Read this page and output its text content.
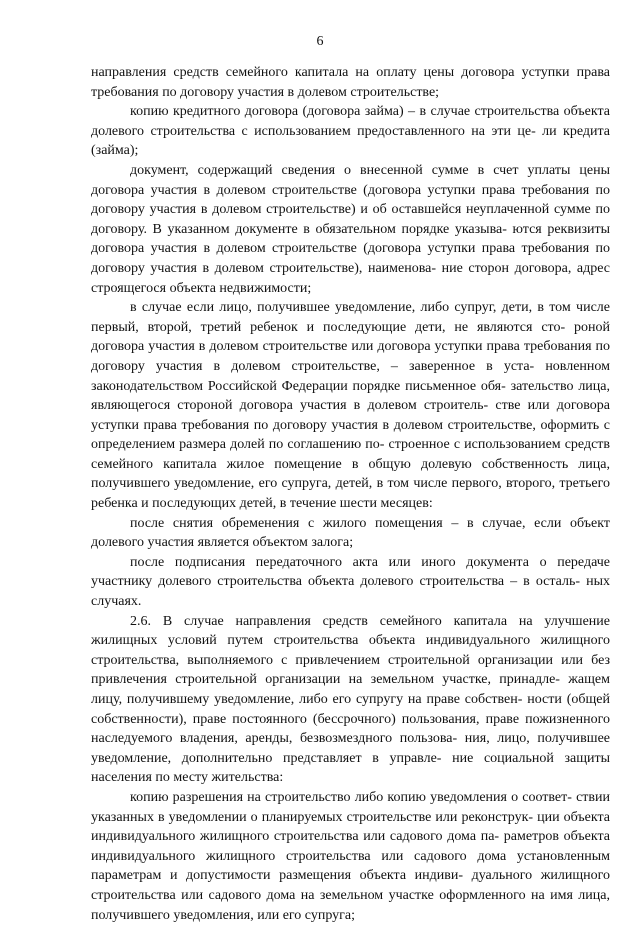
6

направления средств семейного капитала на оплату цены договора уступки права требования по договору участия в долевом строительстве;

копию кредитного договора (договора займа) – в случае строительства объекта долевого строительства с использованием предоставленного на эти це- ли кредита (займа);

документ, содержащий сведения о внесенной сумме в счет уплаты цены договора участия в долевом строительстве (договора уступки права требования по договору участия в долевом строительстве) и об оставшейся неуплаченной сумме по договору. В указанном документе в обязательном порядке указыва- ются реквизиты договора участия в долевом строительстве (договора уступки права требования по договору участия в долевом строительстве), наименова- ние сторон договора, адрес строящегося объекта недвижимости;

в случае если лицо, получившее уведомление, либо супруг, дети, в том числе первый, второй, третий ребенок и последующие дети, не являются сто- роной договора участия в долевом строительстве или договора уступки права требования по договору участия в долевом строительстве, – заверенное в уста- новленном законодательством Российской Федерации порядке письменное обя- зательство лица, являющегося стороной договора участия в долевом строитель- стве или договора уступки права требования по договору участия в долевом строительстве, оформить с определением размера долей по соглашению по- строенное с использованием средств семейного капитала жилое помещение в общую долевую собственность лица, получившего уведомление, его супруга, детей, в том числе первого, второго, третьего ребенка и последующих детей, в течение шести месяцев:

после снятия обременения с жилого помещения – в случае, если объект долевого участия является объектом залога;

после подписания передаточного акта или иного документа о передаче участнику долевого строительства объекта долевого строительства – в осталь- ных случаях.

2.6. В случае направления средств семейного капитала на улучшение жилищных условий путем строительства объекта индивидуального жилищного строительства, выполняемого с привлечением строительной организации или без привлечения строительной организации на земельном участке, принадле- жащем лицу, получившему уведомление, либо его супругу на праве собствен- ности (общей собственности), праве постоянного (бессрочного) пользования, праве пожизненного наследуемого владения, аренды, безвозмездного пользова- ния, лицо, получившее уведомление, дополнительно представляет в управле- ние социальной защиты населения по месту жительства:

копию разрешения на строительство либо копию уведомления о соответ- ствии указанных в уведомлении о планируемых строительстве или реконструк- ции объекта индивидуального жилищного строительства или садового дома па- раметров объекта индивидуального жилищного строительства или садового дома установленным параметрам и допустимости размещения объекта индиви- дуального жилищного строительства или садового дома на земельном участке оформленного на имя лица, получившего уведомления, или его супруга;
